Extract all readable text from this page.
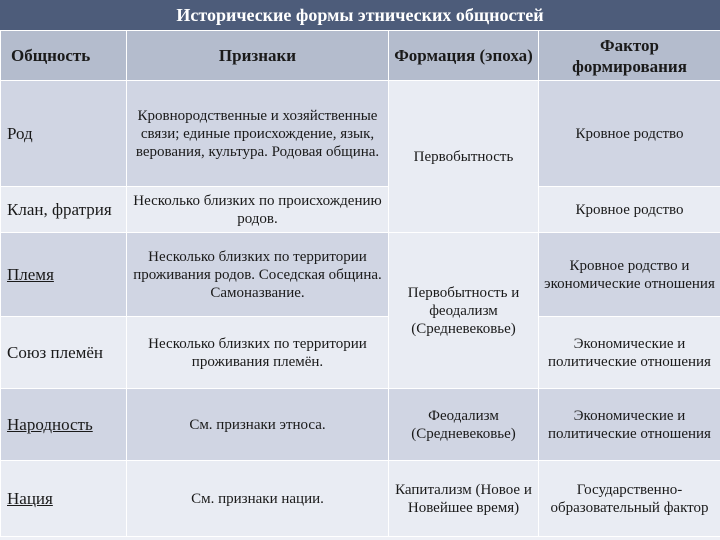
Исторические формы этнических общностей
Общность	Признаки	Формация (эпоха)	Фактор формирования
Род	Кровнородственные и хозяйственные связи; единые происхождение, язык, верования, культура. Родовая община.	Первобытность	Кровное родство
Клан, фратрия	Несколько близких по происхождению родов.		Кровное родство
Племя	Несколько близких по территории проживания родов. Соседская община. Самоназвание.	Первобытность и феодализм (Средневековье)	Кровное родство и экономические отношения
Союз племён	Несколько близких по территории проживания племён.		Экономические и политические отношения
Народность	См. признаки этноса.	Феодализм (Средневековье)	Экономические и политические отношения
Нация	См. признаки нации.	Капитализм (Новое и Новейшее время)	Государственно-образовательный фактор
